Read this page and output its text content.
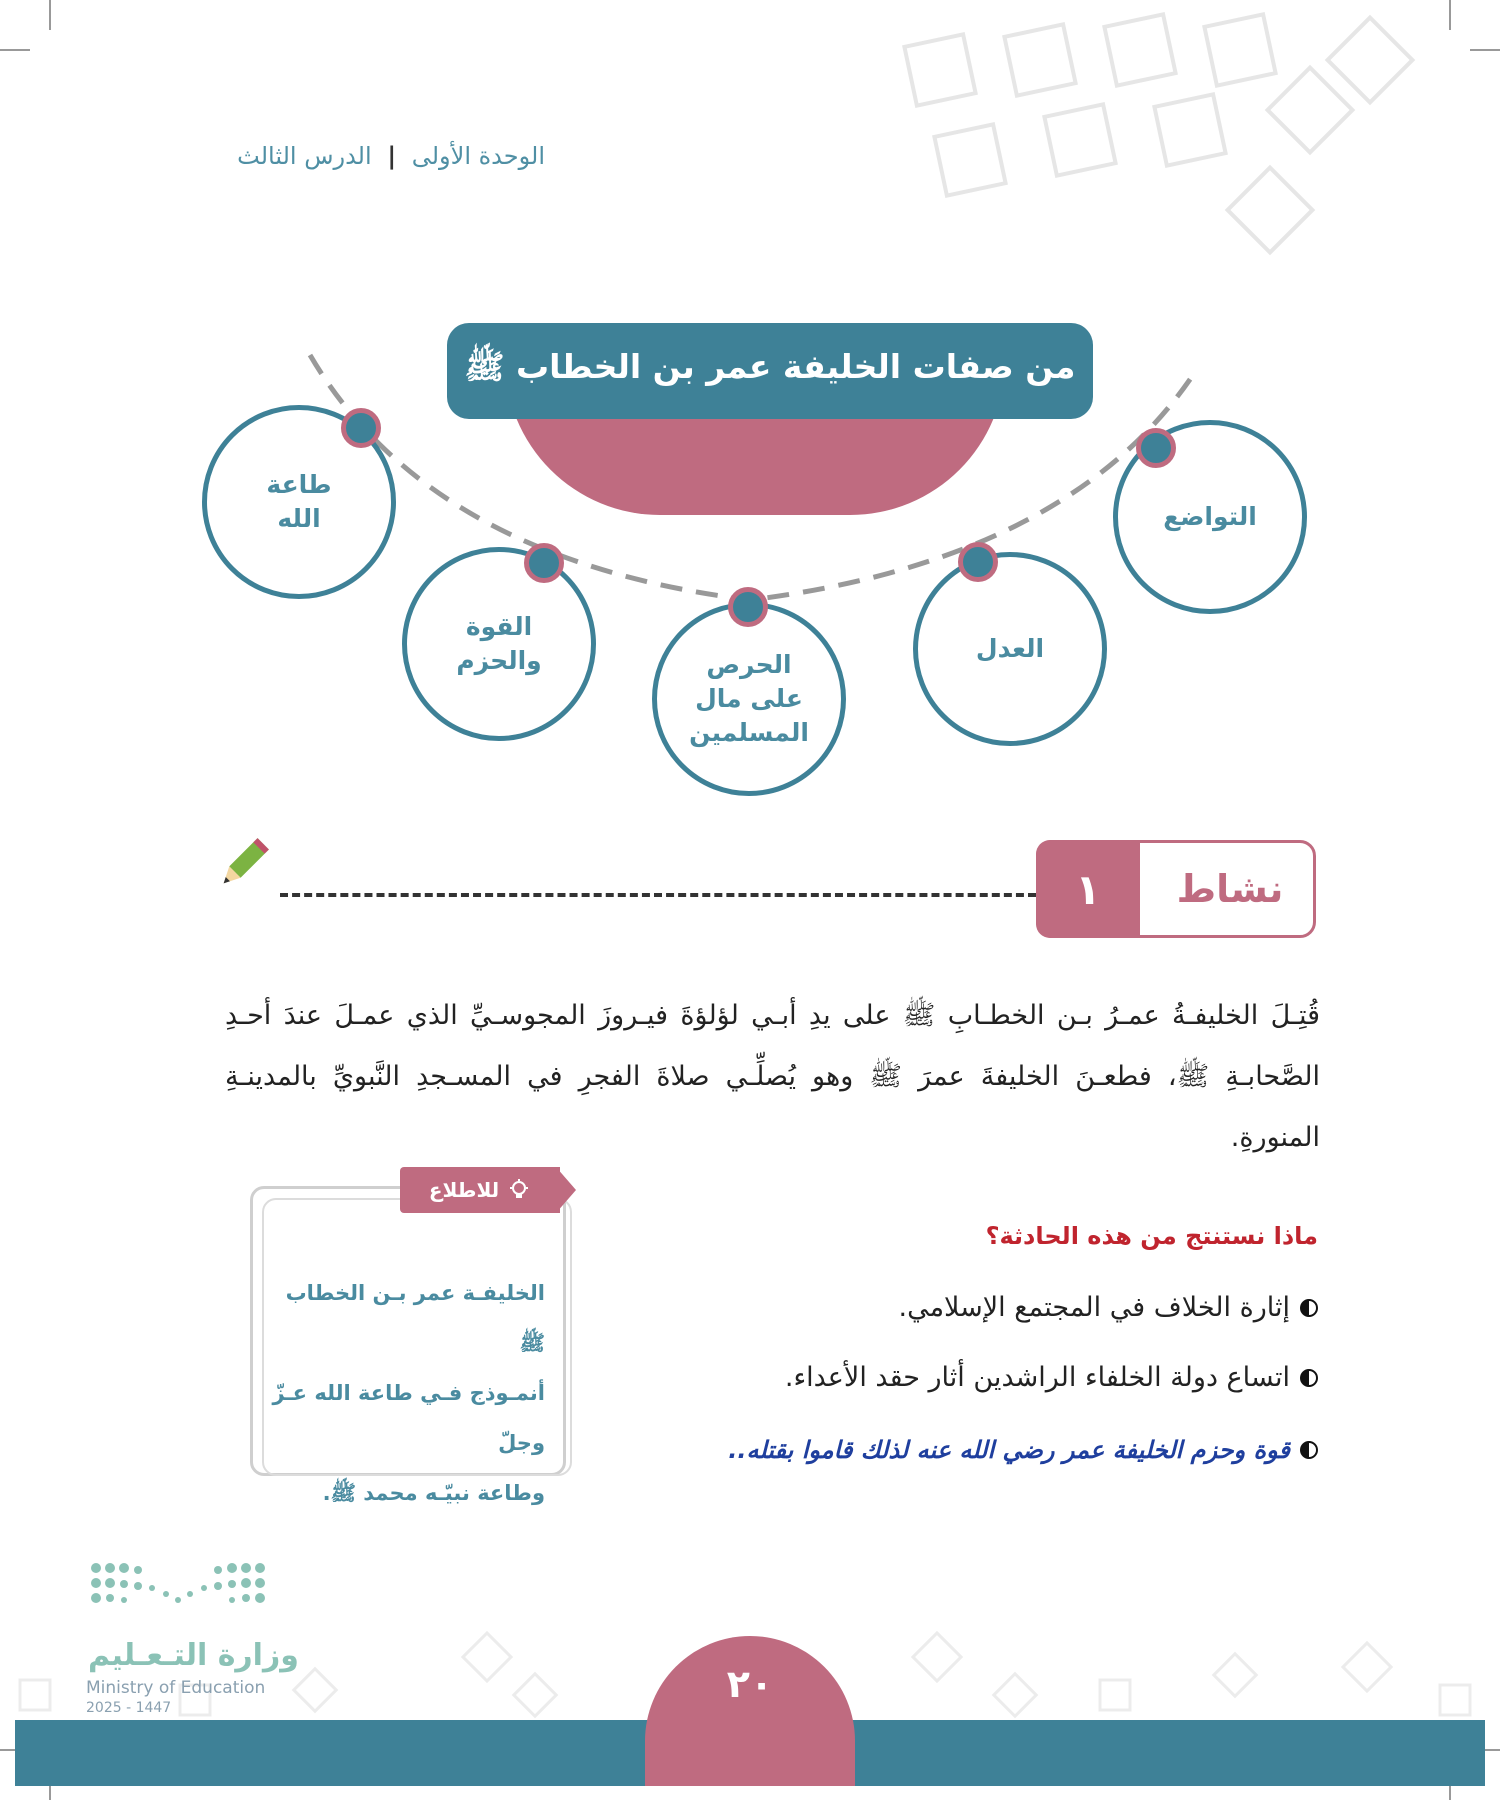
الوحدة الأولى | الدرس الثالث
من صفات الخليفة عمر بن الخطاب ﷺ
التواضع
العدل
الحرص
على مال
المسلمين
القوة
والحزم
طاعة
الله
١	نشاط
قُتِـلَ الخليفـةُ عمـرُ بـن الخطـابِ ﷺ على يدِ أبـي لؤلؤةَ فيـروزَ المجوسـيِّ الذي عمـلَ عندَ أحـدِ الصَّحابـةِ ﷺ، فطعـنَ الخليفةَ عمرَ ﷺ وهو يُصلِّـي صلاةَ الفجرِ في المسـجدِ النَّبويِّ بالمدينـةِ المنورةِ.
للاطلاع
الخليفـة عمر بـن الخطاب ﷺ
أنمـوذج فـي طاعة الله عـزّ وجلّ
وطاعة نبيّـه محمد ﷺ.
ماذا نستنتج من هذه الحادثة؟
إثارة الخلاف في المجتمع الإسلامي.
اتساع دولة الخلفاء الراشدين أثار حقد الأعداء.
قوة وحزم الخليفة عمر رضي الله عنه لذلك قاموا بقتله..
٢٠
وزارة التـعـليم
Ministry of Education
2025 - 1447
